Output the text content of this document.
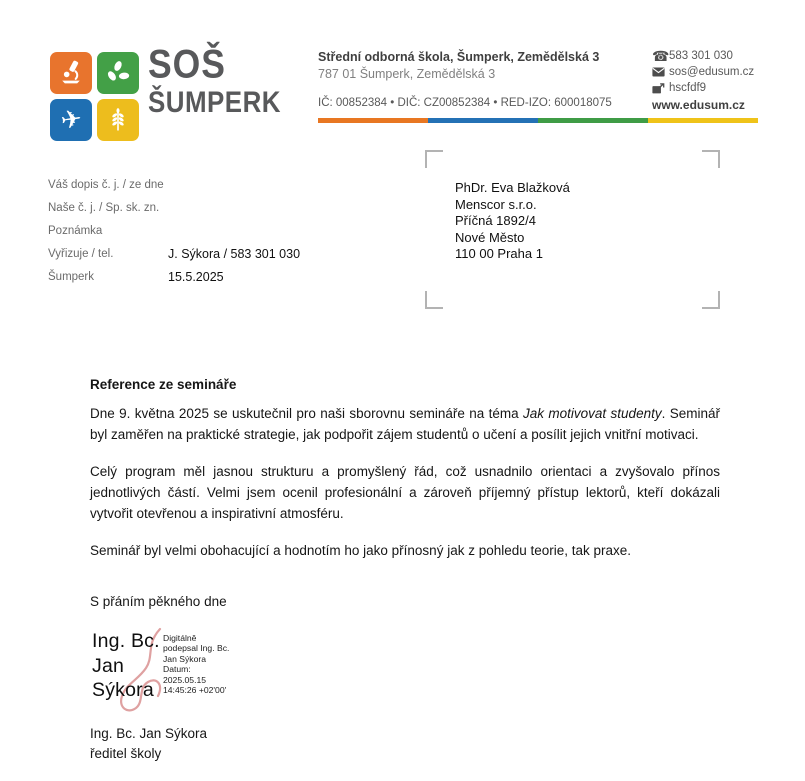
✈
SOŠ
ŠUMPERK
Střední odborná škola, Šumperk, Zemědělská 3
787 01 Šumperk, Zemědělská 3
IČ: 00852384 • DIČ: CZ00852384 • RED-IZO: 600018075
☎ 583 301 030
sos@edusum.cz
hscfdf9
www.edusum.cz
Váš dopis č. j. / ze dne
Naše č. j. / Sp. sk. zn.
Poznámka
Vyřizuje / tel.	J. Sýkora / 583 301 030
Šumperk	15.5.2025
PhDr. Eva Blažková
Menscor s.r.o.
Příčná 1892/4
Nové Město
110 00 Praha 1
Reference ze semináře

Dne 9. května 2025 se uskutečnil pro naši sborovnu semináře na téma Jak motivovat studenty. Seminář byl zaměřen na praktické strategie, jak podpořit zájem studentů o učení a posílit jejich vnitřní motivaci.

Celý program měl jasnou strukturu a promyšlený řád, což usnadnilo orientaci a zvyšovalo přínos jednotlivých částí. Velmi jsem ocenil profesionální a zároveň příjemný přístup lektorů, kteří dokázali vytvořit otevřenou a inspirativní atmosféru.

Seminář byl velmi obohacující a hodnotím ho jako přínosný jak z pohledu teorie, tak praxe.

S přáním pěkného dne
Ing. Bc.
Jan
Sýkora
Digitálně
podepsal Ing. Bc.
Jan Sýkora
Datum:
2025.05.15
14:45:26 +02'00'
Ing. Bc. Jan Sýkora
ředitel školy
